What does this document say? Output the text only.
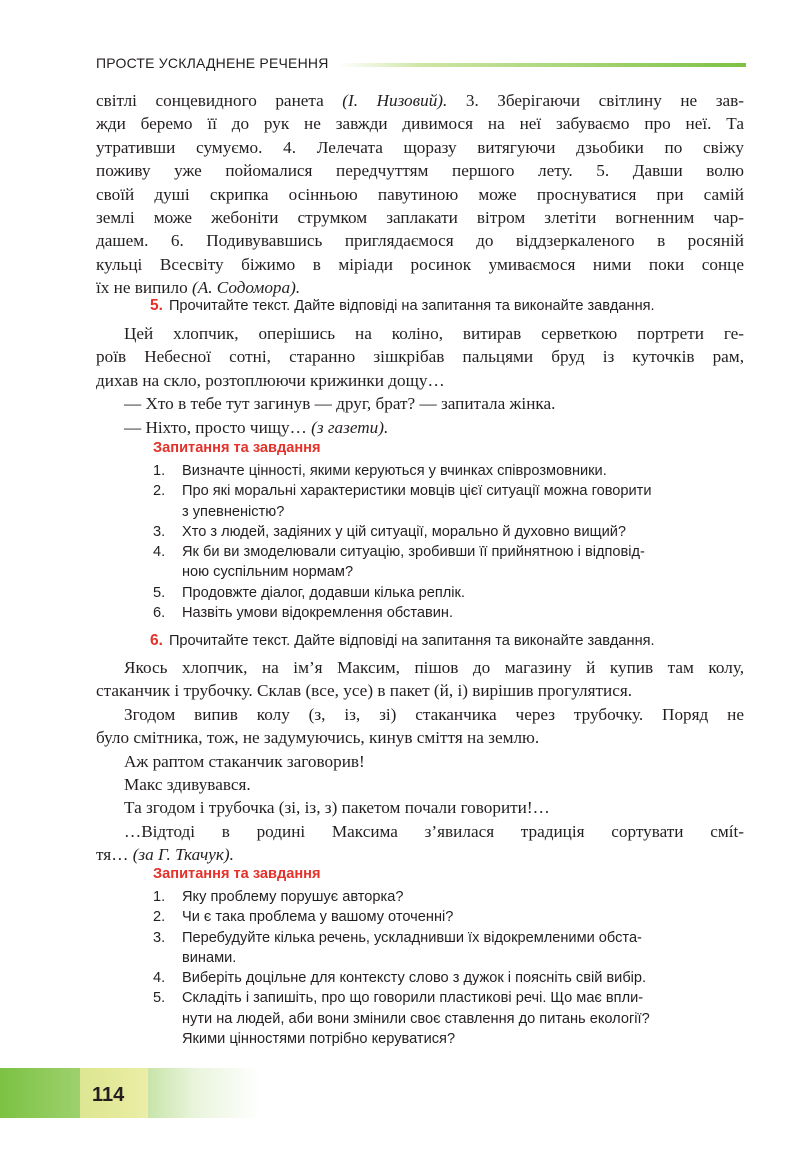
ПРОСТЕ УСКЛАДНЕНЕ РЕЧЕННЯ
світлі сонцевидного ранета (І. Низовий). 3. Зберігаючи світлину не зав-
жди беремо її до рук не завжди дивимося на неї забуваємо про неї. Та
утративши сумуємо. 4. Лелечата щоразу витягуючи дзьобики по свіжу
поживу уже пойомалися передчуттям першого лету. 5. Давши волю
своїй душі скрипка осінньою павутиною може проснуватися при самій
землі може жебоніти струмком заплакати вітром злетіти вогненним чар-
дашем. 6. Подивувавшись приглядаємося до віддзеркаленого в росяній
кульці Всесвіту біжимо в міріади росинок умиваємося ними поки сонце
їх не випило (А. Содомора).
5. Прочитайте текст. Дайте відповіді на запитання та виконайте завдання.
Цей хлопчик, оперішись на коліно, витирав серветкою портрети ге-
роїв Небесної сотні, старанно зішкрібав пальцями бруд із куточків рам,
дихав на скло, розтоплюючи крижинки дощу…
— Хто в тебе тут загинув — друг, брат? — запитала жінка.
— Ніхто, просто чищу… (з газети).
Запитання та завдання
1. Визначте цінності, якими керуються у вчинках співрозмовники.
2. Про які моральні характеристики мовців цієї ситуації можна говорити
з упевненістю?
3. Хто з людей, задіяних у цій ситуації, морально й духовно вищий?
4. Як би ви змоделювали ситуацію, зробивши її прийнятною і відповід-
ною суспільним нормам?
5. Продовжте діалог, додавши кілька реплік.
6. Назвіть умови відокремлення обставин.
6. Прочитайте текст. Дайте відповіді на запитання та виконайте завдання.
Якось хлопчик, на ім’я Максим, пішов до магазину й купив там колу,
стаканчик і трубочку. Склав (все, усе) в пакет (й, і) вирішив прогулятися.
Згодом випив колу (з, із, зі) стаканчика через трубочку. Поряд не
було смітника, тож, не задумуючись, кинув сміття на землю.
Аж раптом стаканчик заговорив!
Макс здивувався.
Та згодом і трубочка (зі, із, з) пакетом почали говорити!…
…Відтоді в родині Максима з’явилася традиція сортувати смít-
тя… (за Г. Ткачук).
Запитання та завдання
1. Яку проблему порушує авторка?
2. Чи є така проблема у вашому оточенні?
3. Перебудуйте кілька речень, ускладнивши їх відокремленими обста-
винами.
4. Виберіть доцільне для контексту слово з дужок і поясніть свій вибір.
5. Складіть і запишіть, про що говорили пластикові речі. Що має впли-
нути на людей, аби вони змінили своє ставлення до питань екології?
Якими цінностями потрібно керуватися?
114
